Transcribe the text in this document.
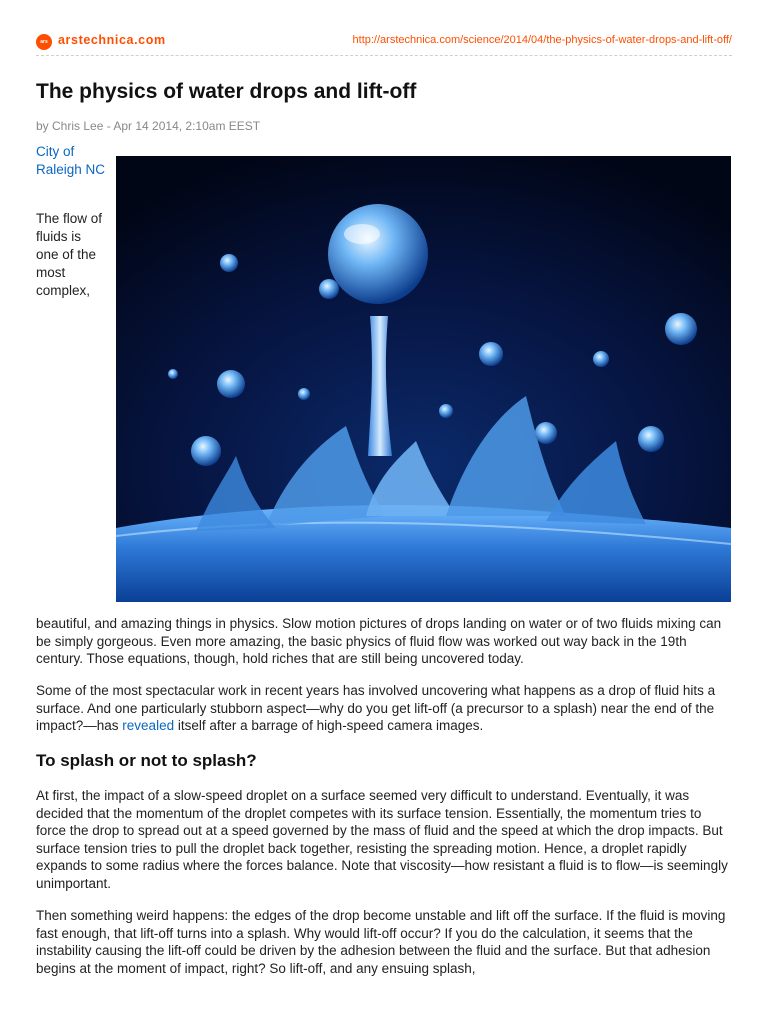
ars arstechnica.com	http://arstechnica.com/science/2014/04/the-physics-of-water-drops-and-lift-off/
The physics of water drops and lift-off
by Chris Lee - Apr 14 2014, 2:10am EEST
City of Raleigh NC
The flow of fluids is one of the most complex,

beautiful, and amazing things in physics. Slow motion pictures of drops landing on water or of two fluids mixing can be simply gorgeous. Even more amazing, the basic physics of fluid flow was worked out way back in the 19th century. Those equations, though, hold riches that are still being uncovered today.

Some of the most spectacular work in recent years has involved uncovering what happens as a drop of fluid hits a surface. And one particularly stubborn aspect—why do you get lift-off (a precursor to a splash) near the end of the impact?—has revealed itself after a barrage of high-speed camera images.

To splash or not to splash?

At first, the impact of a slow-speed droplet on a surface seemed very difficult to understand. Eventually, it was decided that the momentum of the droplet competes with its surface tension. Essentially, the momentum tries to force the drop to spread out at a speed governed by the mass of fluid and the speed at which the drop impacts. But surface tension tries to pull the droplet back together, resisting the spreading motion. Hence, a droplet rapidly expands to some radius where the forces balance. Note that viscosity—how resistant a fluid is to flow—is seemingly unimportant.

Then something weird happens: the edges of the drop become unstable and lift off the surface. If the fluid is moving fast enough, that lift-off turns into a splash. Why would lift-off occur? If you do the calculation, it seems that the instability causing the lift-off could be driven by the adhesion between the fluid and the surface. But that adhesion begins at the moment of impact, right? So lift-off, and any ensuing splash,
